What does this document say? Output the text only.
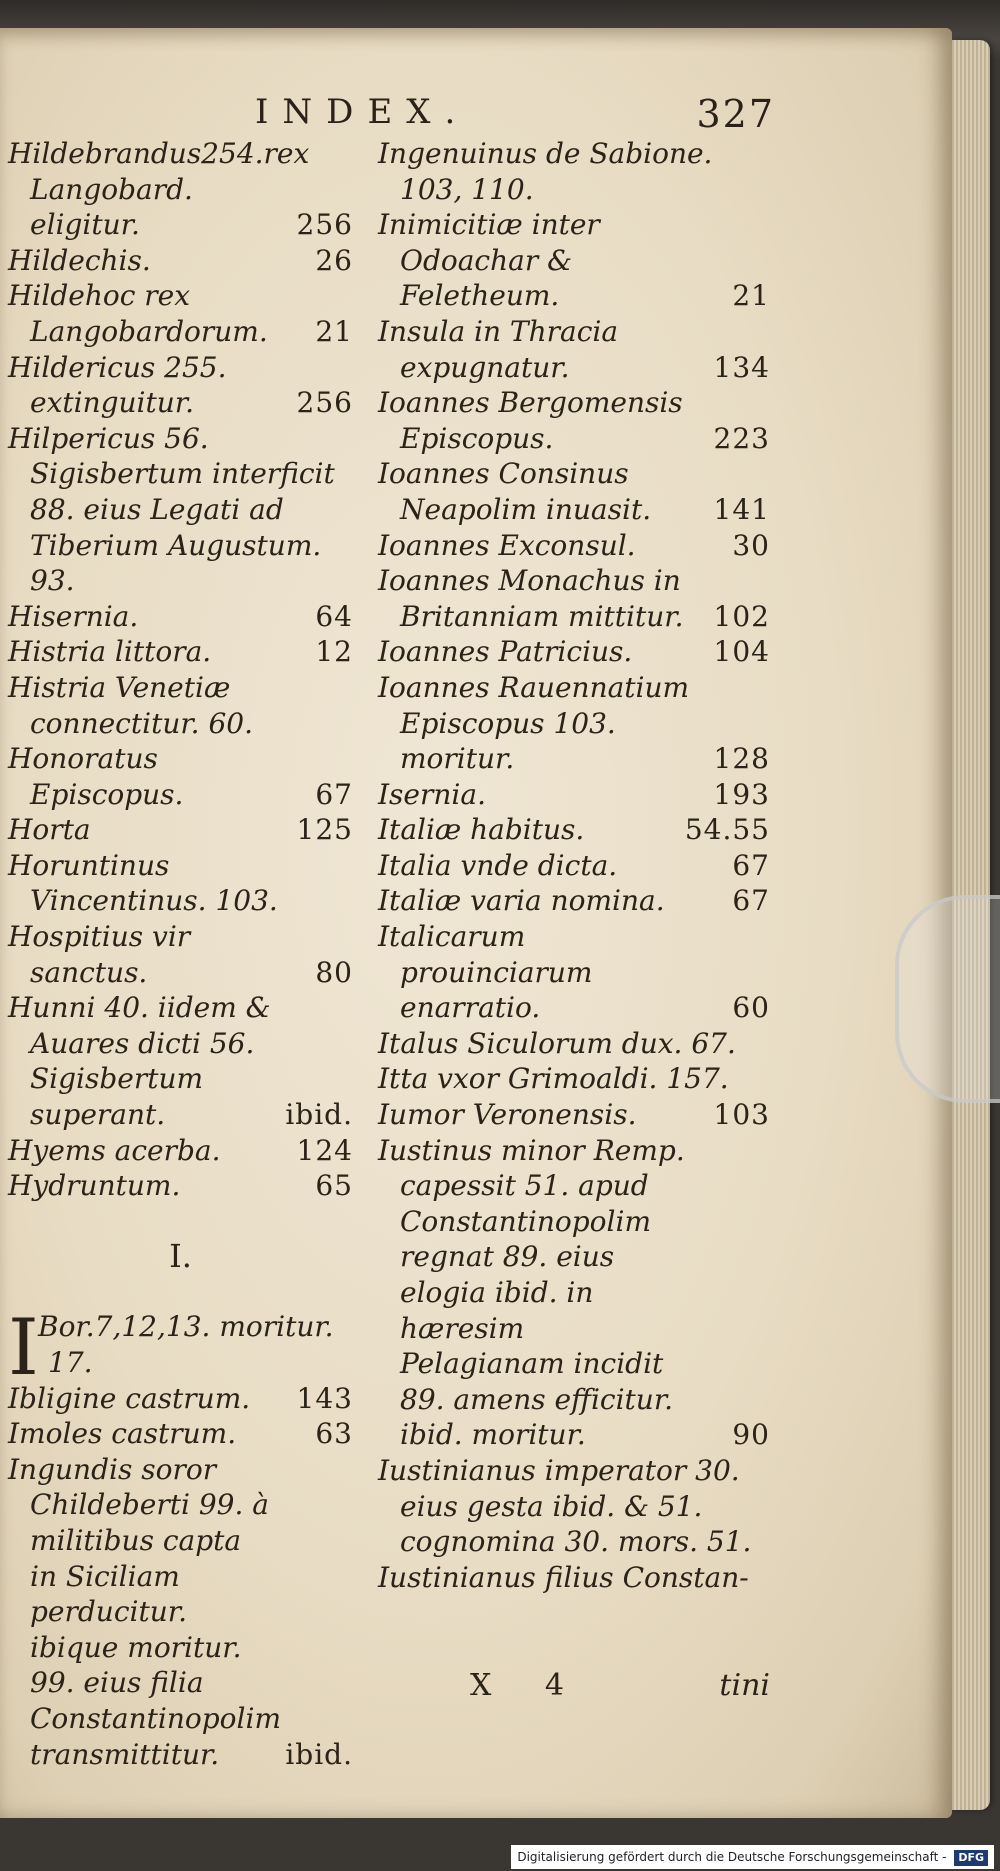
INDEX.	327
Hildebrandus254.rex Langobard. eligitur.	256
Hildechis.	26
Hildehoc rex Langobardorum.	21
Hildericus 255. extinguitur.	256
Hilpericus 56. Sigisbertum interficit 88. eius Legati ad Tiberium Augustum. 93.
Hisernia.	64
Histria littora.	12
Histria Venetiæ connectitur. 60.
Honoratus Episcopus.	67
Horta	125
Horuntinus Vincentinus. 103.
Hospitius vir sanctus.	80
Hunni 40. iidem & Auares dicti 56. Sigisbertum superant.	ibid.
Hyems acerba.	124
Hydruntum.	65
I.
I Bor.7,12,13. moritur. 17.
Ibligine castrum.	143
Imoles castrum.	63
Ingundis soror Childeberti 99. à militibus capta in Siciliam perducitur. ibique moritur. 99. eius filia Constantinopolim transmittitur.	ibid.
Ingenuinus de Sabione. 103, 110.
Inimicitiæ inter Odoachar & Feletheum.	21
Insula in Thracia expugnatur.	134
Ioannes Bergomensis Episcopus.	223
Ioannes Consinus Neapolim inuasit.	141
Ioannes Exconsul.	30
Ioannes Monachus in Britanniam mittitur.	102
Ioannes Patricius.	104
Ioannes Rauennatium Episcopus 103. moritur.	128
Isernia.	193
Italiæ habitus.	54.55
Italia vnde dicta.	67
Italiæ varia nomina.	67
Italicarum prouinciarum enarratio.	60
Italus Siculorum dux. 67.
Itta vxor Grimoaldi. 157.
Iumor Veronensis.	103
Iustinus minor Remp. capessit 51. apud Constantinopolim regnat 89. eius elogia ibid. in hæresim Pelagianam incidit 89. amens efficitur. ibid. moritur.	90
Iustinianus imperator 30. eius gesta ibid. & 51. cognomina 30. mors. 51.
Iustinianus filius Constan-
X 4	tini
Digitalisierung gefördert durch die Deutsche Forschungsgemeinschaft - DFG
